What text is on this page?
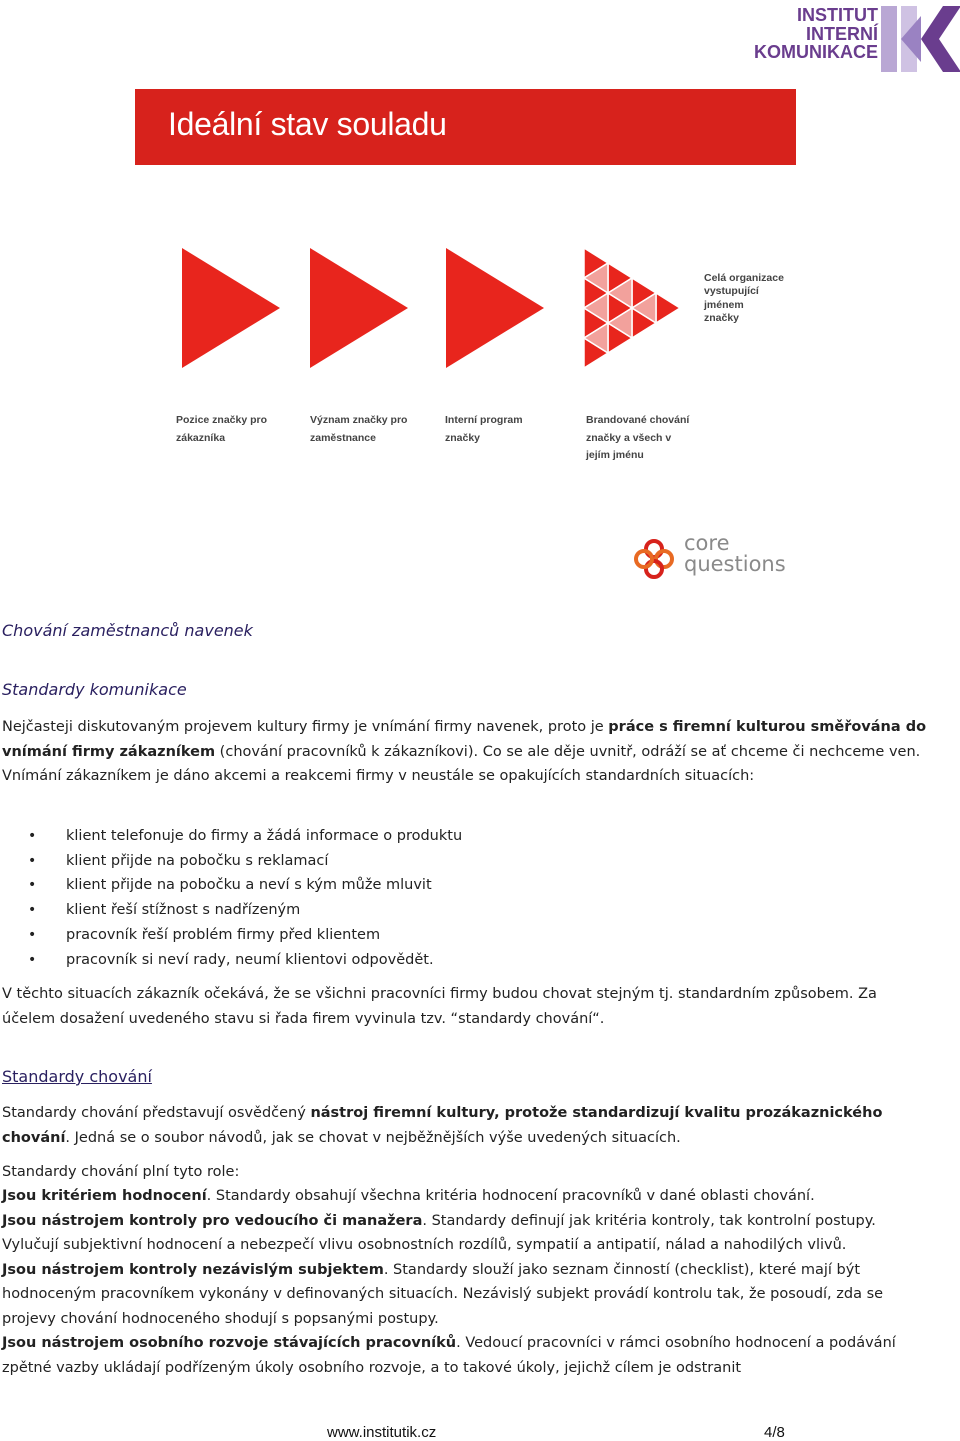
INSTITUT
INTERNÍ
KOMUNIKACE
Ideální stav souladu
Celá organizace
vystupující
jménem
značky
Pozice značky pro
zákazníka
Význam značky pro
zaměstnance
Interní program
značky
Brandované chování
značky a všech v
jejím jménu
core
questions
Chování zaměstnanců navenek
Standardy komunikace
Nejčasteji diskutovaným projevem kultury firmy je vnímání firmy navenek, proto je práce s firemní kulturou směřována do vnímání firmy zákazníkem (chování pracovníků k zákazníkovi). Co se ale děje uvnitř, odráží se ať chceme či nechceme ven. Vnímání zákazníkem je dáno akcemi a reakcemi firmy v neustále se opakujících standardních situacích:
• klient telefonuje do firmy a žádá informace o produktu
• klient přijde na pobočku s reklamací
• klient přijde na pobočku a neví s kým může mluvit
• klient řeší stížnost s nadřízeným
• pracovník řeší problém firmy před klientem
• pracovník si neví rady, neumí klientovi odpovědět.
V těchto situacích zákazník očekává, že se všichni pracovníci firmy budou chovat stejným tj. standardním způsobem. Za účelem dosažení uvedeného stavu si řada firem vyvinula tzv. “standardy chování“.
Standardy chování
Standardy chování představují osvědčený nástroj firemní kultury, protože standardizují kvalitu prozákaznického chování. Jedná se o soubor návodů, jak se chovat v nejběžnějších výše uvedených situacích.
Standardy chování plní tyto role:
Jsou kritériem hodnocení. Standardy obsahují všechna kritéria hodnocení pracovníků v dané oblasti chování.
Jsou nástrojem kontroly pro vedoucího či manažera. Standardy definují jak kritéria kontroly, tak kontrolní postupy. Vylučují subjektivní hodnocení a nebezpečí vlivu osobnostních rozdílů, sympatií a antipatií, nálad a nahodilých vlivů.
Jsou nástrojem kontroly nezávislým subjektem. Standardy slouží jako seznam činností (checklist), které mají být hodnoceným pracovníkem vykonány v definovaných situacích. Nezávislý subjekt provádí kontrolu tak, že posoudí, zda se projevy chování hodnoceného shodují s popsanými postupy.
Jsou nástrojem osobního rozvoje stávajících pracovníků. Vedoucí pracovníci v rámci osobního hodnocení a podávání zpětné vazby ukládají podřízeným úkoly osobního rozvoje, a to takové úkoly, jejichž cílem je odstranit
www.institutik.cz	4/8
